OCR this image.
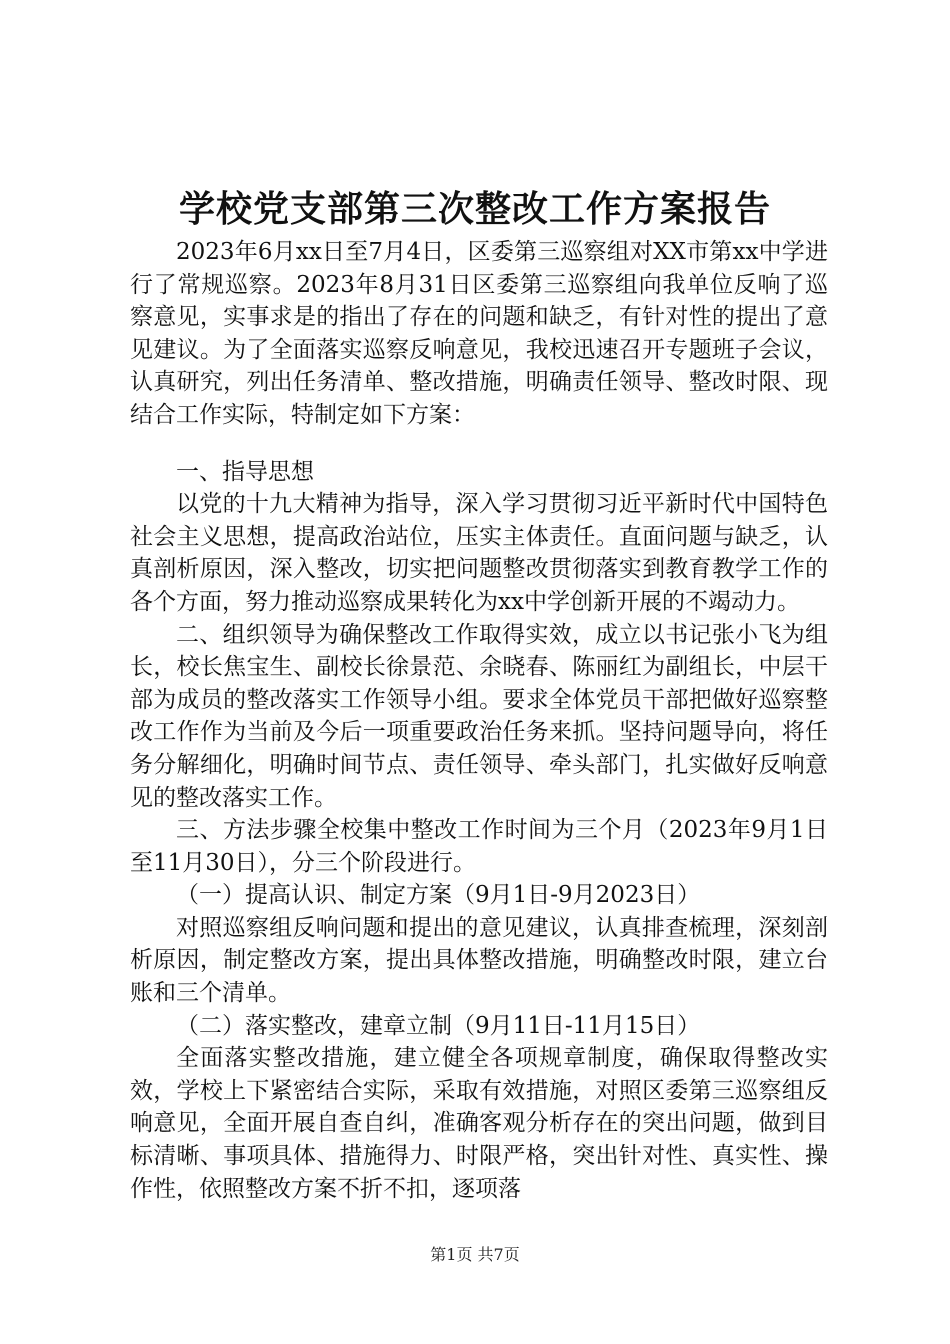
学校党支部第三次整改工作方案报告

2023年6月xx日至7月4日，区委第三巡察组对XX市第xx中学进行了常规巡察。2023年8月31日区委第三巡察组向我单位反响了巡察意见，实事求是的指出了存在的问题和缺乏，有针对性的提出了意见建议。为了全面落实巡察反响意见，我校迅速召开专题班子会议，认真研究，列出任务清单、整改措施，明确责任领导、整改时限、现结合工作实际，特制定如下方案：

一、指导思想

以党的十九大精神为指导，深入学习贯彻习近平新时代中国特色社会主义思想，提高政治站位，压实主体责任。直面问题与缺乏，认真剖析原因，深入整改，切实把问题整改贯彻落实到教育教学工作的各个方面，努力推动巡察成果转化为xx中学创新开展的不竭动力。

二、组织领导为确保整改工作取得实效，成立以书记张小飞为组长，校长焦宝生、副校长徐景范、余晓春、陈丽红为副组长，中层干部为成员的整改落实工作领导小组。要求全体党员干部把做好巡察整改工作作为当前及今后一项重要政治任务来抓。坚持问题导向，将任务分解细化，明确时间节点、责任领导、牵头部门，扎实做好反响意见的整改落实工作。

三、方法步骤全校集中整改工作时间为三个月（2023年9月1日至11月30日），分三个阶段进行。

（一）提高认识、制定方案（9月1日-9月2023日）

对照巡察组反响问题和提出的意见建议，认真排查梳理，深刻剖析原因，制定整改方案，提出具体整改措施，明确整改时限，建立台账和三个清单。

（二）落实整改，建章立制（9月11日-11月15日）

全面落实整改措施，建立健全各项规章制度，确保取得整改实效，学校上下紧密结合实际，采取有效措施，对照区委第三巡察组反响意见，全面开展自查自纠，准确客观分析存在的突出问题，做到目标清晰、事项具体、措施得力、时限严格，突出针对性、真实性、操作性，依照整改方案不折不扣，逐项落

第1页 共7页
